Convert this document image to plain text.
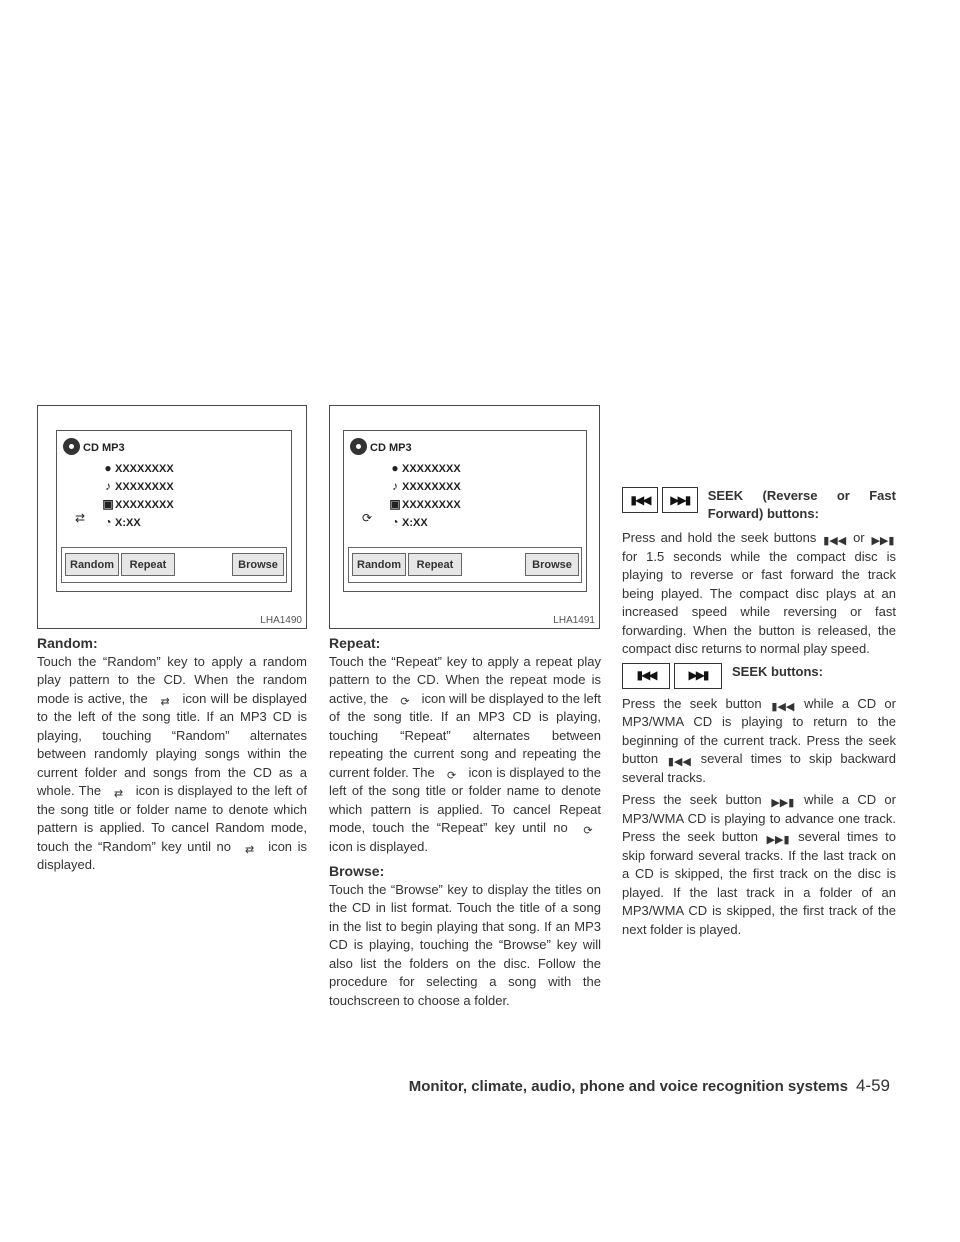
CD MP3
● XXXXXXXX
⇄
♪ XXXXXXXX
▣XXXXXXXX
◔ X:XX
Random	Repeat	Browse
LHA1490
CD MP3
● XXXXXXXX
⟳
♪ XXXXXXXX
▣XXXXXXXX
◔ X:XX
Random	Repeat	Browse
LHA1491

Random:

Touch the “Random” key to apply a random play pattern to the CD. When the random mode is active, the ⇄ icon will be displayed to the left of the song title. If an MP3 CD is playing, touching “Random” alternates between randomly playing songs within the current folder and songs from the CD as a whole. The ⇄ icon is displayed to the left of the song title or folder name to denote which pattern is applied. To cancel Random mode, touch the “Random” key until no ⇄ icon is displayed.

Repeat:

Touch the “Repeat” key to apply a repeat play pattern to the CD. When the repeat mode is active, the ⟳ icon will be displayed to the left of the song title. If an MP3 CD is playing, touching “Repeat” alternates between repeating the current song and repeating the current folder. The ⟳ icon is displayed to the left of the song title or folder name to denote which pattern is applied. To cancel Repeat mode, touch the “Repeat” key until no ⟳ icon is displayed.

Browse:

Touch the “Browse” key to display the titles on the CD in list format. Touch the title of a song in the list to begin playing that song. If an MP3 CD is playing, touching the “Browse” key will also list the folders on the disc. Follow the procedure for selecting a song with the touchscreen to choose a folder.

▮◀◀	▶▶▮	SEEK (Reverse or Fast Forward) buttons:

Press and hold the seek buttons ▮◀◀ or ▶▶▮ for 1.5 seconds while the compact disc is playing to reverse or fast forward the track being played. The compact disc plays at an increased speed while reversing or fast forwarding. When the button is released, the compact disc returns to normal play speed.

▮◀◀	▶▶▮	SEEK buttons:

Press the seek button ▮◀◀ while a CD or MP3/WMA CD is playing to return to the beginning of the current track. Press the seek button ▮◀◀ several times to skip backward several tracks.

Press the seek button ▶▶▮ while a CD or MP3/WMA CD is playing to advance one track. Press the seek button ▶▶▮ several times to skip forward several tracks. If the last track on a CD is skipped, the first track on the disc is played. If the last track in a folder of an MP3/WMA CD is skipped, the first track of the next folder is played.

Monitor, climate, audio, phone and voice recognition systems 4-59
